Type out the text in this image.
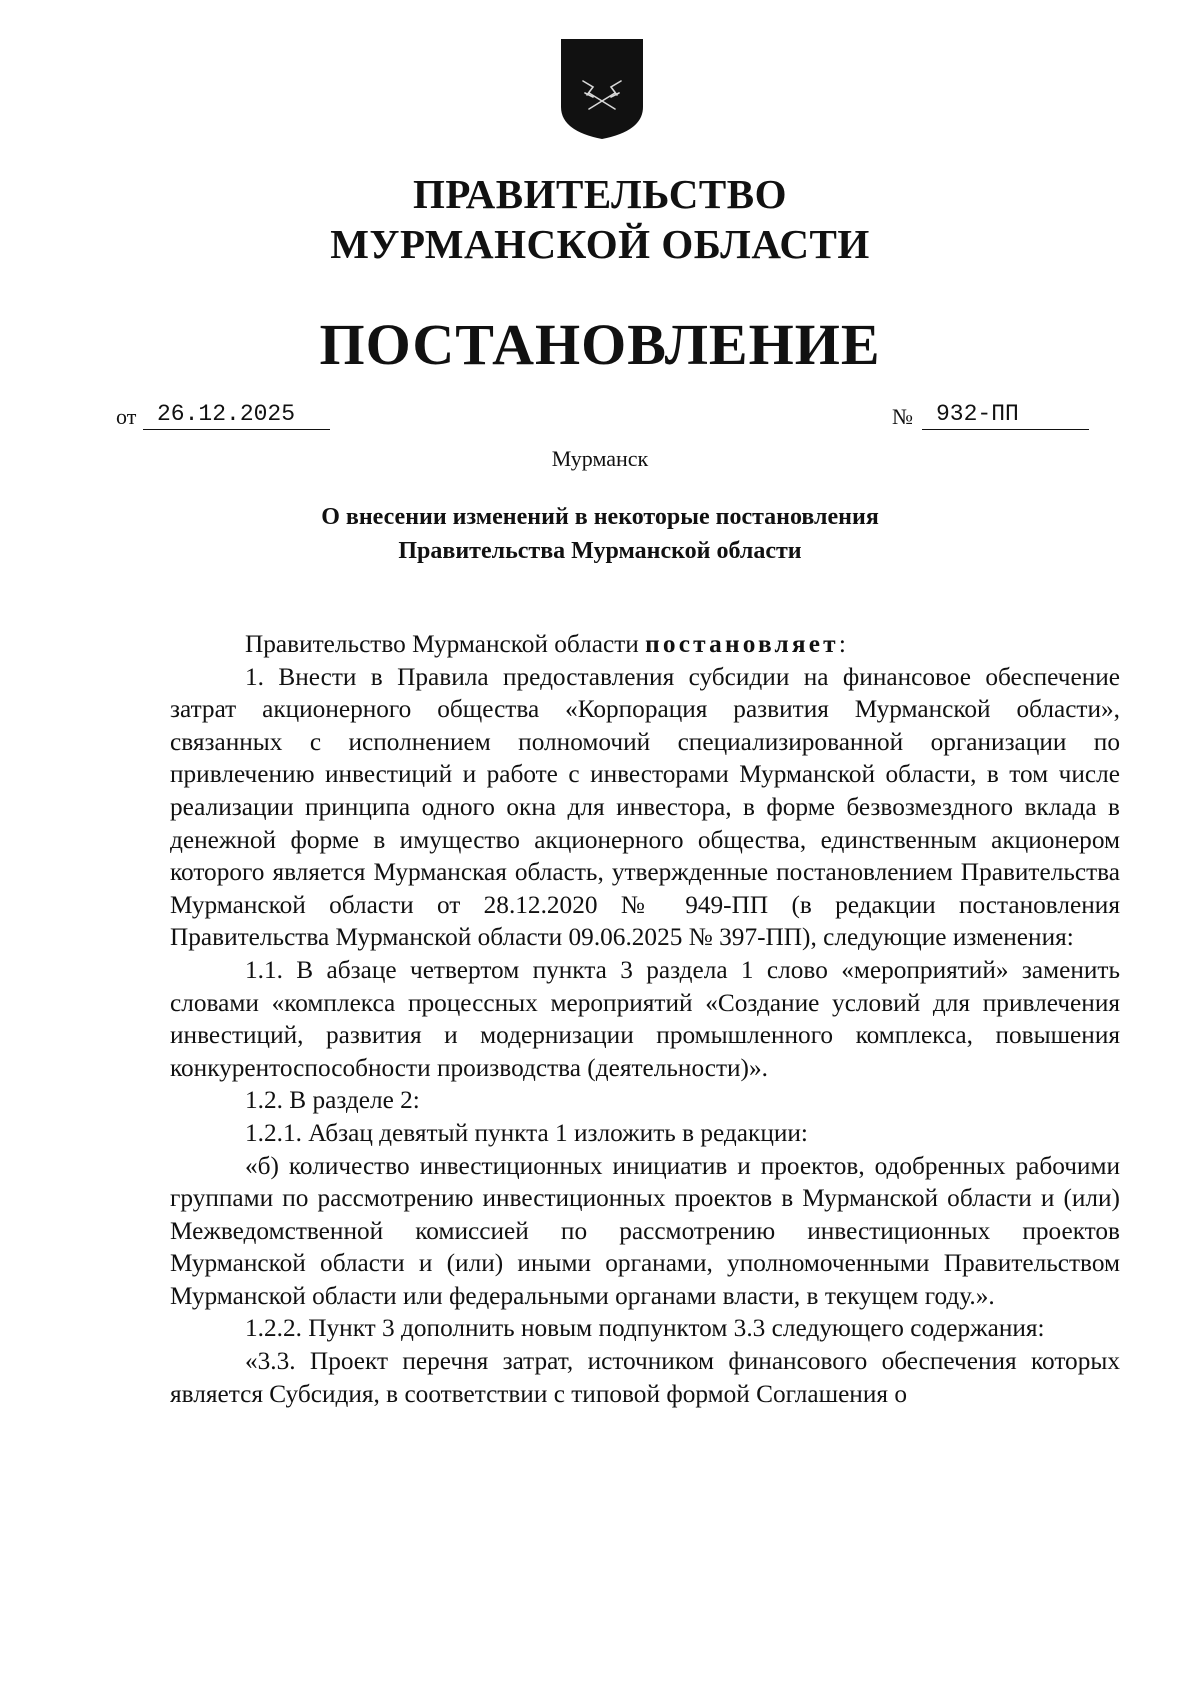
ПРАВИТЕЛЬСТВО
МУРМАНСКОЙ ОБЛАСТИ
ПОСТАНОВЛЕНИЕ
от 26.12.2025	№	932-ПП
Мурманск
О внесении изменений в некоторые постановления
Правительства Мурманской области

Правительство Мурманской области постановляет:

1. Внести в Правила предоставления субсидии на финансовое обеспечение затрат акционерного общества «Корпорация развития Мурманской области», связанных с исполнением полномочий специализированной организации по привлечению инвестиций и работе с инвесторами Мурманской области, в том числе реализации принципа одного окна для инвестора, в форме безвозмездного вклада в денежной форме в имущество акционерного общества, единственным акционером которого является Мурманская область, утвержденные постановлением Правительства Мурманской области от 28.12.2020 № 949-ПП (в редакции постановления Правительства Мурманской области 09.06.2025 № 397-ПП), следующие изменения:

1.1. В абзаце четвертом пункта 3 раздела 1 слово «мероприятий» заменить словами «комплекса процессных мероприятий «Создание условий для привлечения инвестиций, развития и модернизации промышленного комплекса, повышения конкурентоспособности производства (деятельности)».

1.2. В разделе 2:

1.2.1. Абзац девятый пункта 1 изложить в редакции:

«б) количество инвестиционных инициатив и проектов, одобренных рабочими группами по рассмотрению инвестиционных проектов в Мурманской области и (или) Межведомственной комиссией по рассмотрению инвестиционных проектов Мурманской области и (или) иными органами, уполномоченными Правительством Мурманской области или федеральными органами власти, в текущем году.».

1.2.2. Пункт 3 дополнить новым подпунктом 3.3 следующего содержания:

«3.3. Проект перечня затрат, источником финансового обеспечения которых является Субсидия, в соответствии с типовой формой Соглашения о
